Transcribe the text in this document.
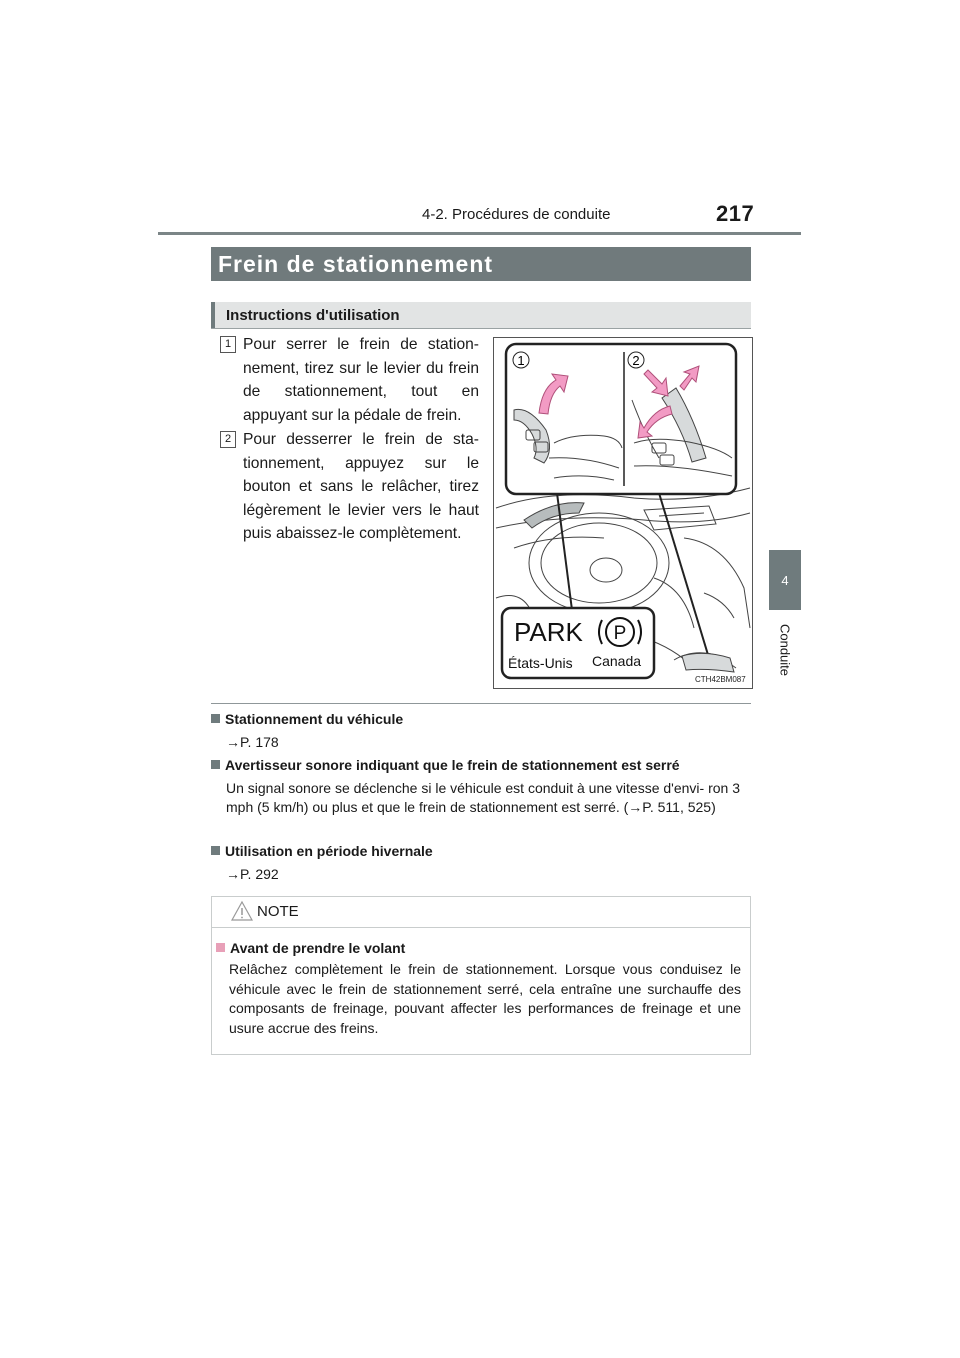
4-2. Procédures de conduite	217
4
Conduite
Frein de stationnement
Instructions d'utilisation
1 Pour serrer le frein de station- nement, tirez sur le levier du frein de stationnement, tout en appuyant sur la pédale de frein.
2 Pour desserrer le frein de sta- tionnement, appuyez sur le bouton et sans le relâcher, tirez légèrement le levier vers le haut puis abaissez-le complètement.
1	2
PARK P
États-Unis Canada
CTH42BM087
Stationnement du véhicule
→P. 178
Avertisseur sonore indiquant que le frein de stationnement est serré
Un signal sonore se déclenche si le véhicule est conduit à une vitesse d'envi- ron 3 mph (5 km/h) ou plus et que le frein de stationnement est serré. (→P. 511, 525)
Utilisation en période hivernale
→P. 292
NOTE
Avant de prendre le volant
Relâchez complètement le frein de stationnement. Lorsque vous conduisez le véhicule avec le frein de stationnement serré, cela entraîne une surchauffe des composants de freinage, pouvant affecter les performances de freinage et une usure accrue des freins.
